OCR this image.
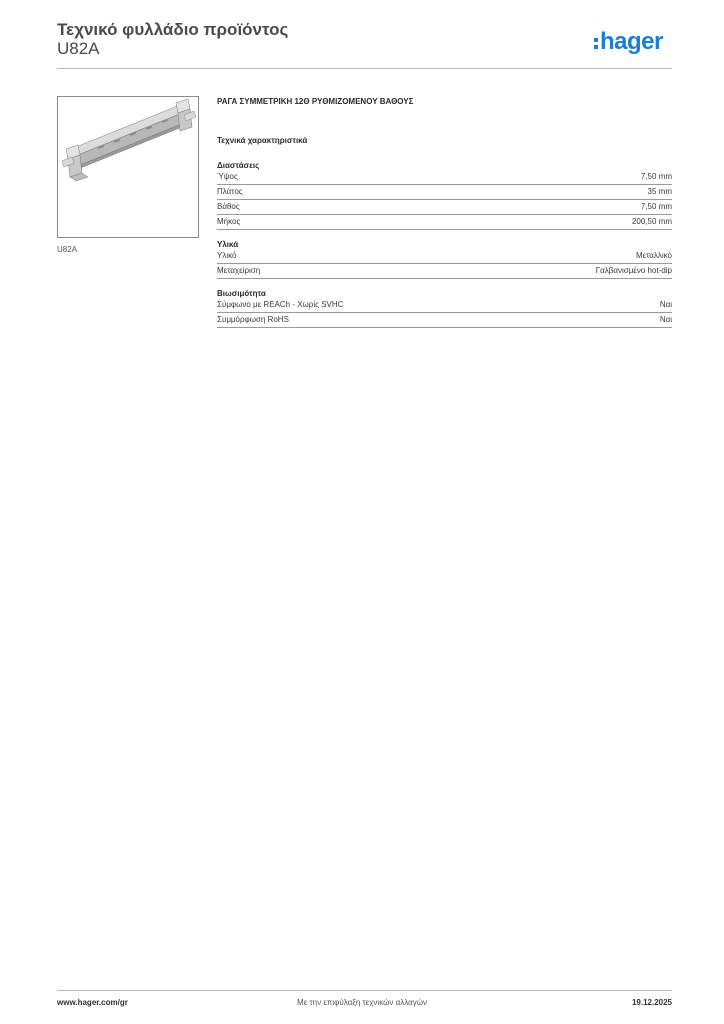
Τεχνικό φυλλάδιο προϊόντος
U82A	hager
U82A
ΡΑΓΑ ΣΥΜΜΕΤΡΙΚΗ 12Θ ΡΥΘΜΙΖΟΜΕΝΟΥ ΒΑΘΟΥΣ
Τεχνικά χαρακτηριστικά
Διαστάσεις
Ύψος	7,50 mm
Πλάτος	35 mm
Βάθος	7,50 mm
Μήκος	200,50 mm
Υλικά
Υλικό	Μεταλλικό
Μεταχείριση	Γαλβανισμένο hot-dip
Βιωσιμότητα
Σύμφωνο με REACh - Χωρίς SVHC	Ναι
Συμμόρφωση RoHS	Ναι
www.hager.com/gr	Με την επιφύλαξη τεχνικών αλλαγών	19.12.2025
